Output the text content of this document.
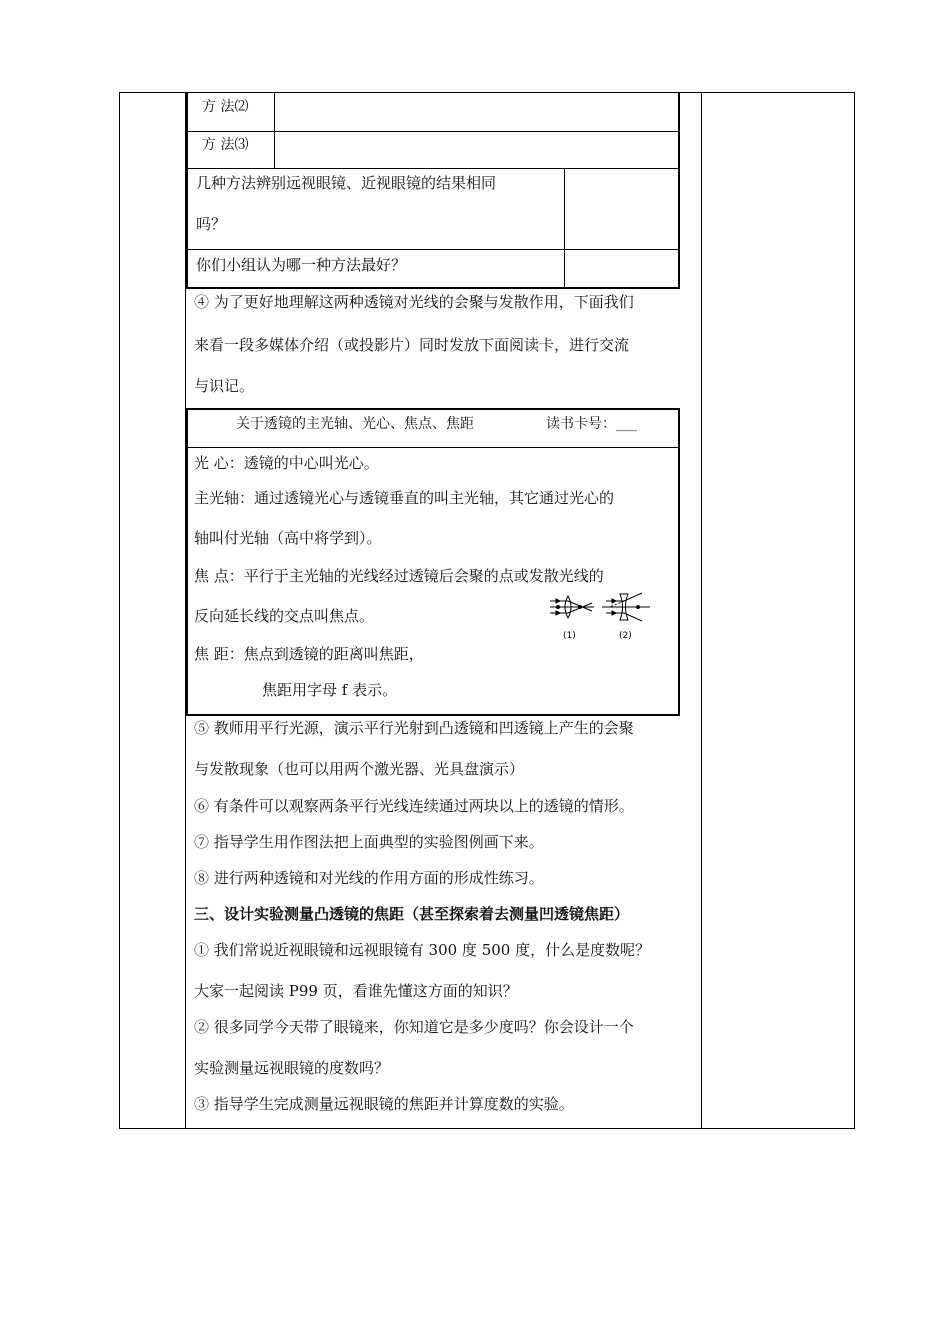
方 法⑵
方 法⑶
几种方法辨别远视眼镜、近视眼镜的结果相同
吗？
你们小组认为哪一种方法最好？
④ 为了更好地理解这两种透镜对光线的会聚与发散作用，下面我们
来看一段多媒体介绍（或投影片）同时发放下面阅读卡，进行交流
与识记。
关于透镜的主光轴、光心、焦点、焦距	读书卡号：___
光 心：透镜的中心叫光心。
主光轴：通过透镜光心与透镜垂直的叫主光轴，其它通过光心的
轴叫付光轴（高中将学到）。
焦 点：平行于主光轴的光线经过透镜后会聚的点或发散光线的
反向延长线的交点叫焦点。
焦 距：焦点到透镜的距离叫焦距，
焦距用字母 f 表示。
(1)	(2)
⑤ 教师用平行光源，演示平行光射到凸透镜和凹透镜上产生的会聚
与发散现象（也可以用两个激光器、光具盘演示）
⑥ 有条件可以观察两条平行光线连续通过两块以上的透镜的情形。
⑦ 指导学生用作图法把上面典型的实验图例画下来。
⑧ 进行两种透镜和对光线的作用方面的形成性练习。
三、设计实验测量凸透镜的焦距（甚至探索着去测量凹透镜焦距）
① 我们常说近视眼镜和远视眼镜有 300 度 500 度，什么是度数呢？
大家一起阅读 P99 页，看谁先懂这方面的知识？
② 很多同学今天带了眼镜来，你知道它是多少度吗？你会设计一个
实验测量远视眼镜的度数吗？
③ 指导学生完成测量远视眼镜的焦距并计算度数的实验。
